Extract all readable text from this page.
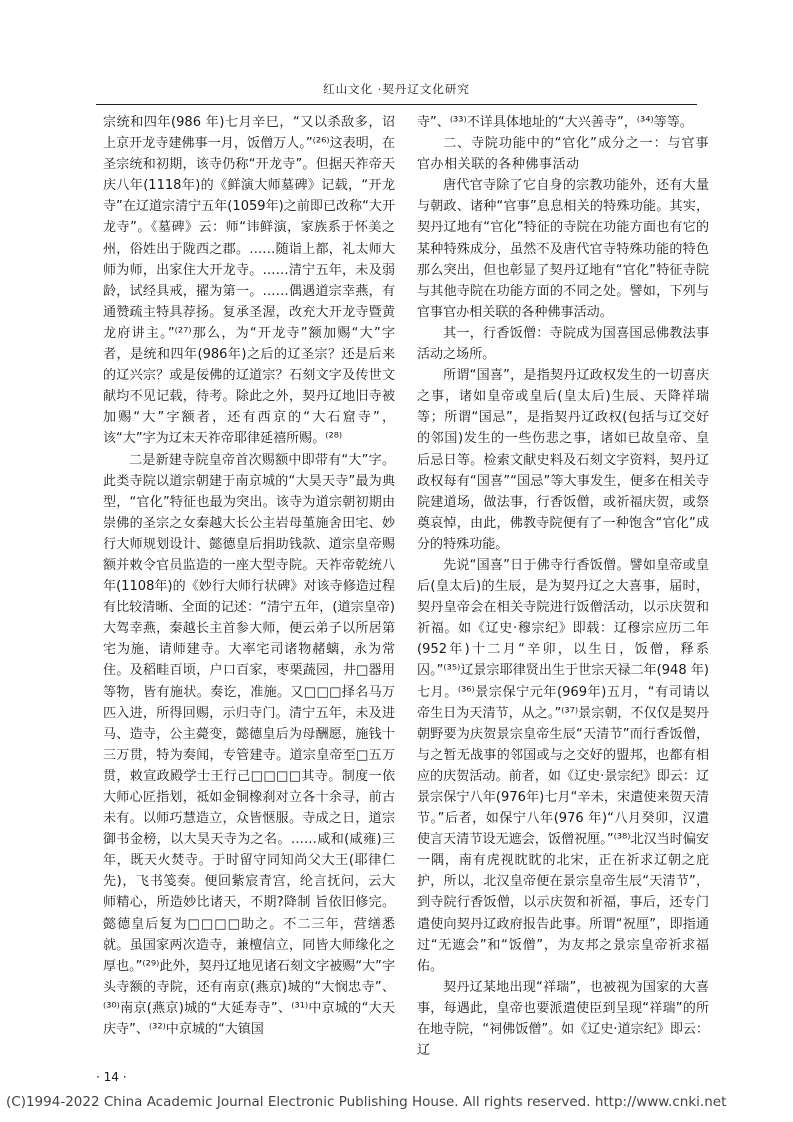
红山文化 ·契丹辽文化研究

宗统和四年(986 年)七月辛巳，“又以杀敌多，诏上京开龙寺建佛事一月，饭僧万人。”⁽²⁶⁾这表明，在圣宗统和初期，该寺仍称“开龙寺”。但据天祚帝天庆八年(1118年)的《鲜演大师墓碑》记载，“开龙寺”在辽道宗清宁五年(1059年)之前即已改称“大开龙寺”。《墓碑》云：师“讳鲜演，家族系于怀美之州，俗姓出于陇西之郡。……随诣上都，礼太师大师为师，出家住大开龙寺。……清宁五年，未及弱龄，试经具戒，擢为第一。……偶遇道宗幸燕，有通赞疏主特具荐扬。复承圣渥，改充大开龙寺暨黄龙府讲主。”⁽²⁷⁾那么，为“开龙寺”额加赐“大”字者，是统和四年(986年)之后的辽圣宗？还是后来的辽兴宗？或是佞佛的辽道宗？石刻文字及传世文献均不见记载，待考。除此之外，契丹辽地旧寺被加赐“大”字额者，还有西京的“大石窟寺”，该“大”字为辽末天祚帝耶律延禧所赐。⁽²⁸⁾

二是新建寺院皇帝首次赐额中即带有“大”字。此类寺院以道宗朝建于南京城的“大昊天寺”最为典型，“官化”特征也最为突出。该寺为道宗朝初期由崇佛的圣宗之女秦越大长公主岩母堇施舍田宅、妙行大师规划设计、懿德皇后捐助钱款、道宗皇帝赐额并敕令官员监造的一座大型寺院。天祚帝乾统八年(1108年)的《妙行大师行状碑》对该寺修造过程有比较清晰、全面的记述：“清宁五年，(道宗皇帝)大驾幸燕，秦越长主首参大师，便云弟子以所居第宅为施，请师建寺。大率宅司诸物赭螭，永为常住。及稻畦百顷，户口百家，枣栗蔬园，井□器用等物，皆有施状。奏讫，准施。又□□□择名马万匹入进，所得回赐，示归寺门。清宁五年，未及进马、造寺，公主薨变，懿德皇后为母酬愿，施钱十三万贯，特为奏闻，专管建寺。道宗皇帝至□五万贯，敕宣政殿学士王行己□□□□其寺。制度一依大师心匠指划，祗如金铜橡刹对立各十余寻，前古未有。以师巧慧造立，众皆惬服。寺成之日，道宗御书金榜，以大昊天寺为之名。……咸和(咸雍)三年，既天火焚寺。于时留守同知尚父大王(耶律仁先)，飞书笺奏。便回紫宸青宫，纶言抚问，云大师精心，所造妙比诸天，不期?降制 旨依旧修完。懿德皇后复为□□□□助之。不二三年，营缮悉就。虽国家两次造寺，兼檀信立，同皆大师缘化之厚也。”⁽²⁹⁾此外，契丹辽地见诸石刻文字被赐“大”字头寺额的寺院，还有南京(燕京)城的“大悯忠寺”、⁽³⁰⁾南京(燕京)城的“大延寿寺”、⁽³¹⁾中京城的“大天庆寺”、⁽³²⁾中京城的“大镇国

寺”、⁽³³⁾不详具体地址的“大兴善寺”，⁽³⁴⁾等等。

二、寺院功能中的“官化”成分之一：与官事官办相关联的各种佛事活动

唐代官寺除了它自身的宗教功能外，还有大量与朝政、诸种“官事”息息相关的特殊功能。其实，契丹辽地有“官化”特征的寺院在功能方面也有它的某种特殊成分，虽然不及唐代官寺特殊功能的特色那么突出，但也彰显了契丹辽地有“官化”特征寺院与其他寺院在功能方面的不同之处。譬如，下列与官事官办相关联的各种佛事活动。

其一，行香饭僧：寺院成为国喜国忌佛教法事活动之场所。

所谓“国喜”，是指契丹辽政权发生的一切喜庆之事，诸如皇帝或皇后(皇太后)生辰、天降祥瑞等；所谓“国忌”，是指契丹辽政权(包括与辽交好的邻国)发生的一些伤悲之事，诸如已故皇帝、皇后忌日等。检索文献史料及石刻文字资料，契丹辽政权每有“国喜”“国忌”等大事发生，便多在相关寺院建道场，做法事，行香饭僧，或祈福庆贺，或祭奠哀悼，由此，佛教寺院便有了一种饱含“官化”成分的特殊功能。

先说“国喜”日于佛寺行香饭僧。譬如皇帝或皇后(皇太后)的生辰，是为契丹辽之大喜事，届时，契丹皇帝会在相关寺院进行饭僧活动，以示庆贺和祈福。如《辽史·穆宗纪》即载：辽穆宗应历二年(952年)十二月“辛卯，以生日，饭僧，释系囚。”⁽³⁵⁾辽景宗耶律贤出生于世宗天禄二年(948 年)七月。⁽³⁶⁾景宗保宁元年(969年)五月，“有司请以帝生日为天清节，从之。”⁽³⁷⁾景宗朝，不仅仅是契丹朝野要为庆贺景宗皇帝生辰“天清节”而行香饭僧，与之暂无战事的邻国或与之交好的盟邦，也都有相应的庆贺活动。前者，如《辽史·景宗纪》即云：辽景宗保宁八年(976年)七月“辛未，宋遣使来贺天清节。”后者，如保宁八年(976 年)“八月癸卯，汉遣使言天清节设无遮会，饭僧祝厘。”⁽³⁸⁾北汉当时偏安一隅，南有虎视眈眈的北宋，正在祈求辽朝之庇护，所以，北汉皇帝便在景宗皇帝生辰“天清节”，到寺院行香饭僧，以示庆贺和祈福，事后，还专门遣使向契丹辽政府报告此事。所谓“祝厘”，即指通过“无遮会”和“饭僧”，为友邦之景宗皇帝祈求福佑。

契丹辽某地出现“祥瑞”，也被视为国家的大喜事，每遇此，皇帝也要派遣使臣到呈现“祥瑞”的所在地寺院，“祠佛饭僧”。如《辽史·道宗纪》即云：辽

· 14 ·
(C)1994-2022 China Academic Journal Electronic Publishing House. All rights reserved. http://www.cnki.net
